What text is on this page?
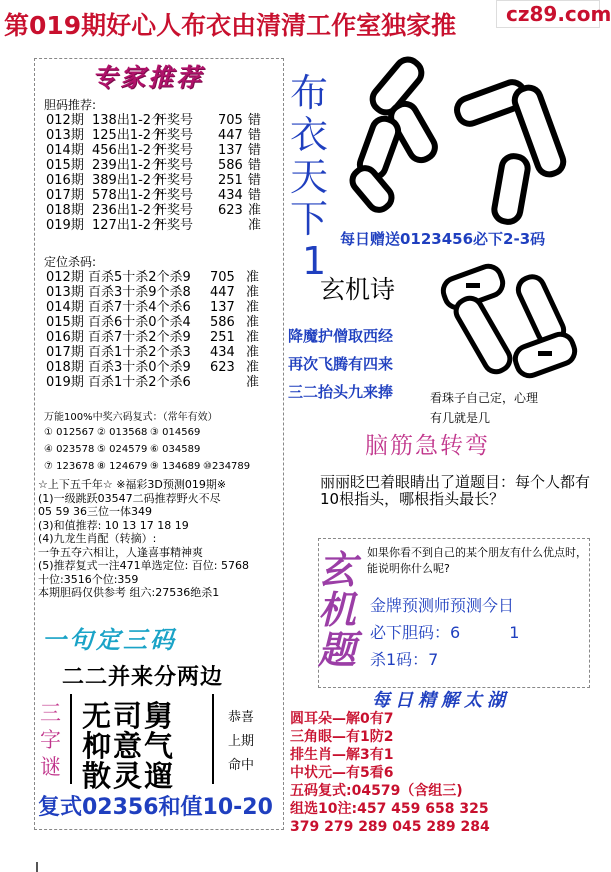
第019期好心人布衣由清清工作室独家推 cz89.com
专家推荐
胆码推荐:
012期 138出1-2个开奖号 705 错
013期 125出1-2个开奖号 447 错
014期 456出1-2个开奖号 137 错
015期 239出1-2个开奖号 586 错
016期 389出1-2个开奖号 251 错
017期 578出1-2个开奖号 434 错
018期 236出1-2个开奖号 623 准
019期 127出1-2个开奖号	准
定位杀码:
012期 百杀5十杀2个杀9 705 准
013期 百杀3十杀9个杀8 447 准
014期 百杀7十杀4个杀6 137 准
015期 百杀6十杀0个杀4 586 准
016期 百杀7十杀2个杀9 251 准
017期 百杀1十杀2个杀3 434 准
018期 百杀3十杀0个杀9 623 准
019期 百杀1十杀2个杀6	准
万能100%中奖六码复式：（常年有效）
① 012567 ② 013568 ③ 014569
④ 023578 ⑤ 024579 ⑥ 034589
⑦ 123678 ⑧ 124679 ⑨ 134689 ⑩234789
☆上下五千年☆ ※福彩3D预测019期※
(1)一级跳跃03547二码推荐野火不尽
05 59 36三位一体349
(3)和值推荐: 10 13 17 18 19
(4)九龙生肖配（转摘）:
一争五夺六相让，人逢喜事精神爽
(5)推荐复式一注471单选定位: 百位: 5768
十位:3516个位:359
本期胆码仅供参考 组六:27536绝杀1
布
衣
天
下
1 每日赠送0123456必下2-3码
玄机诗
降魔护僧取西经
再次飞腾有四来
三二抬头九来捧	看珠子自己定，心理
有几就是几
脑筋急转弯
丽丽眨巴着眼睛出了道题目：每个人都有10根指头，哪根指头最长？
玄
机
题
如果你看不到自己的某个朋友有什么优点时，能说明你什么呢?
金牌预测师预测今日
必下胆码：6	1
杀1码：7
每日精解太湖
圆耳朵—解0有7
三角眼—有1防2
排生肖—解3有1
中状元—有5看6
五码复式:04579（含组三)
组选10注:457 459 658 325
379 279 289 045 289 284
一句定三码
二二并来分两边
三
字
谜
无司舅
枊意气
散灵遛
恭喜
上期
命中
复式02356和值10-20
